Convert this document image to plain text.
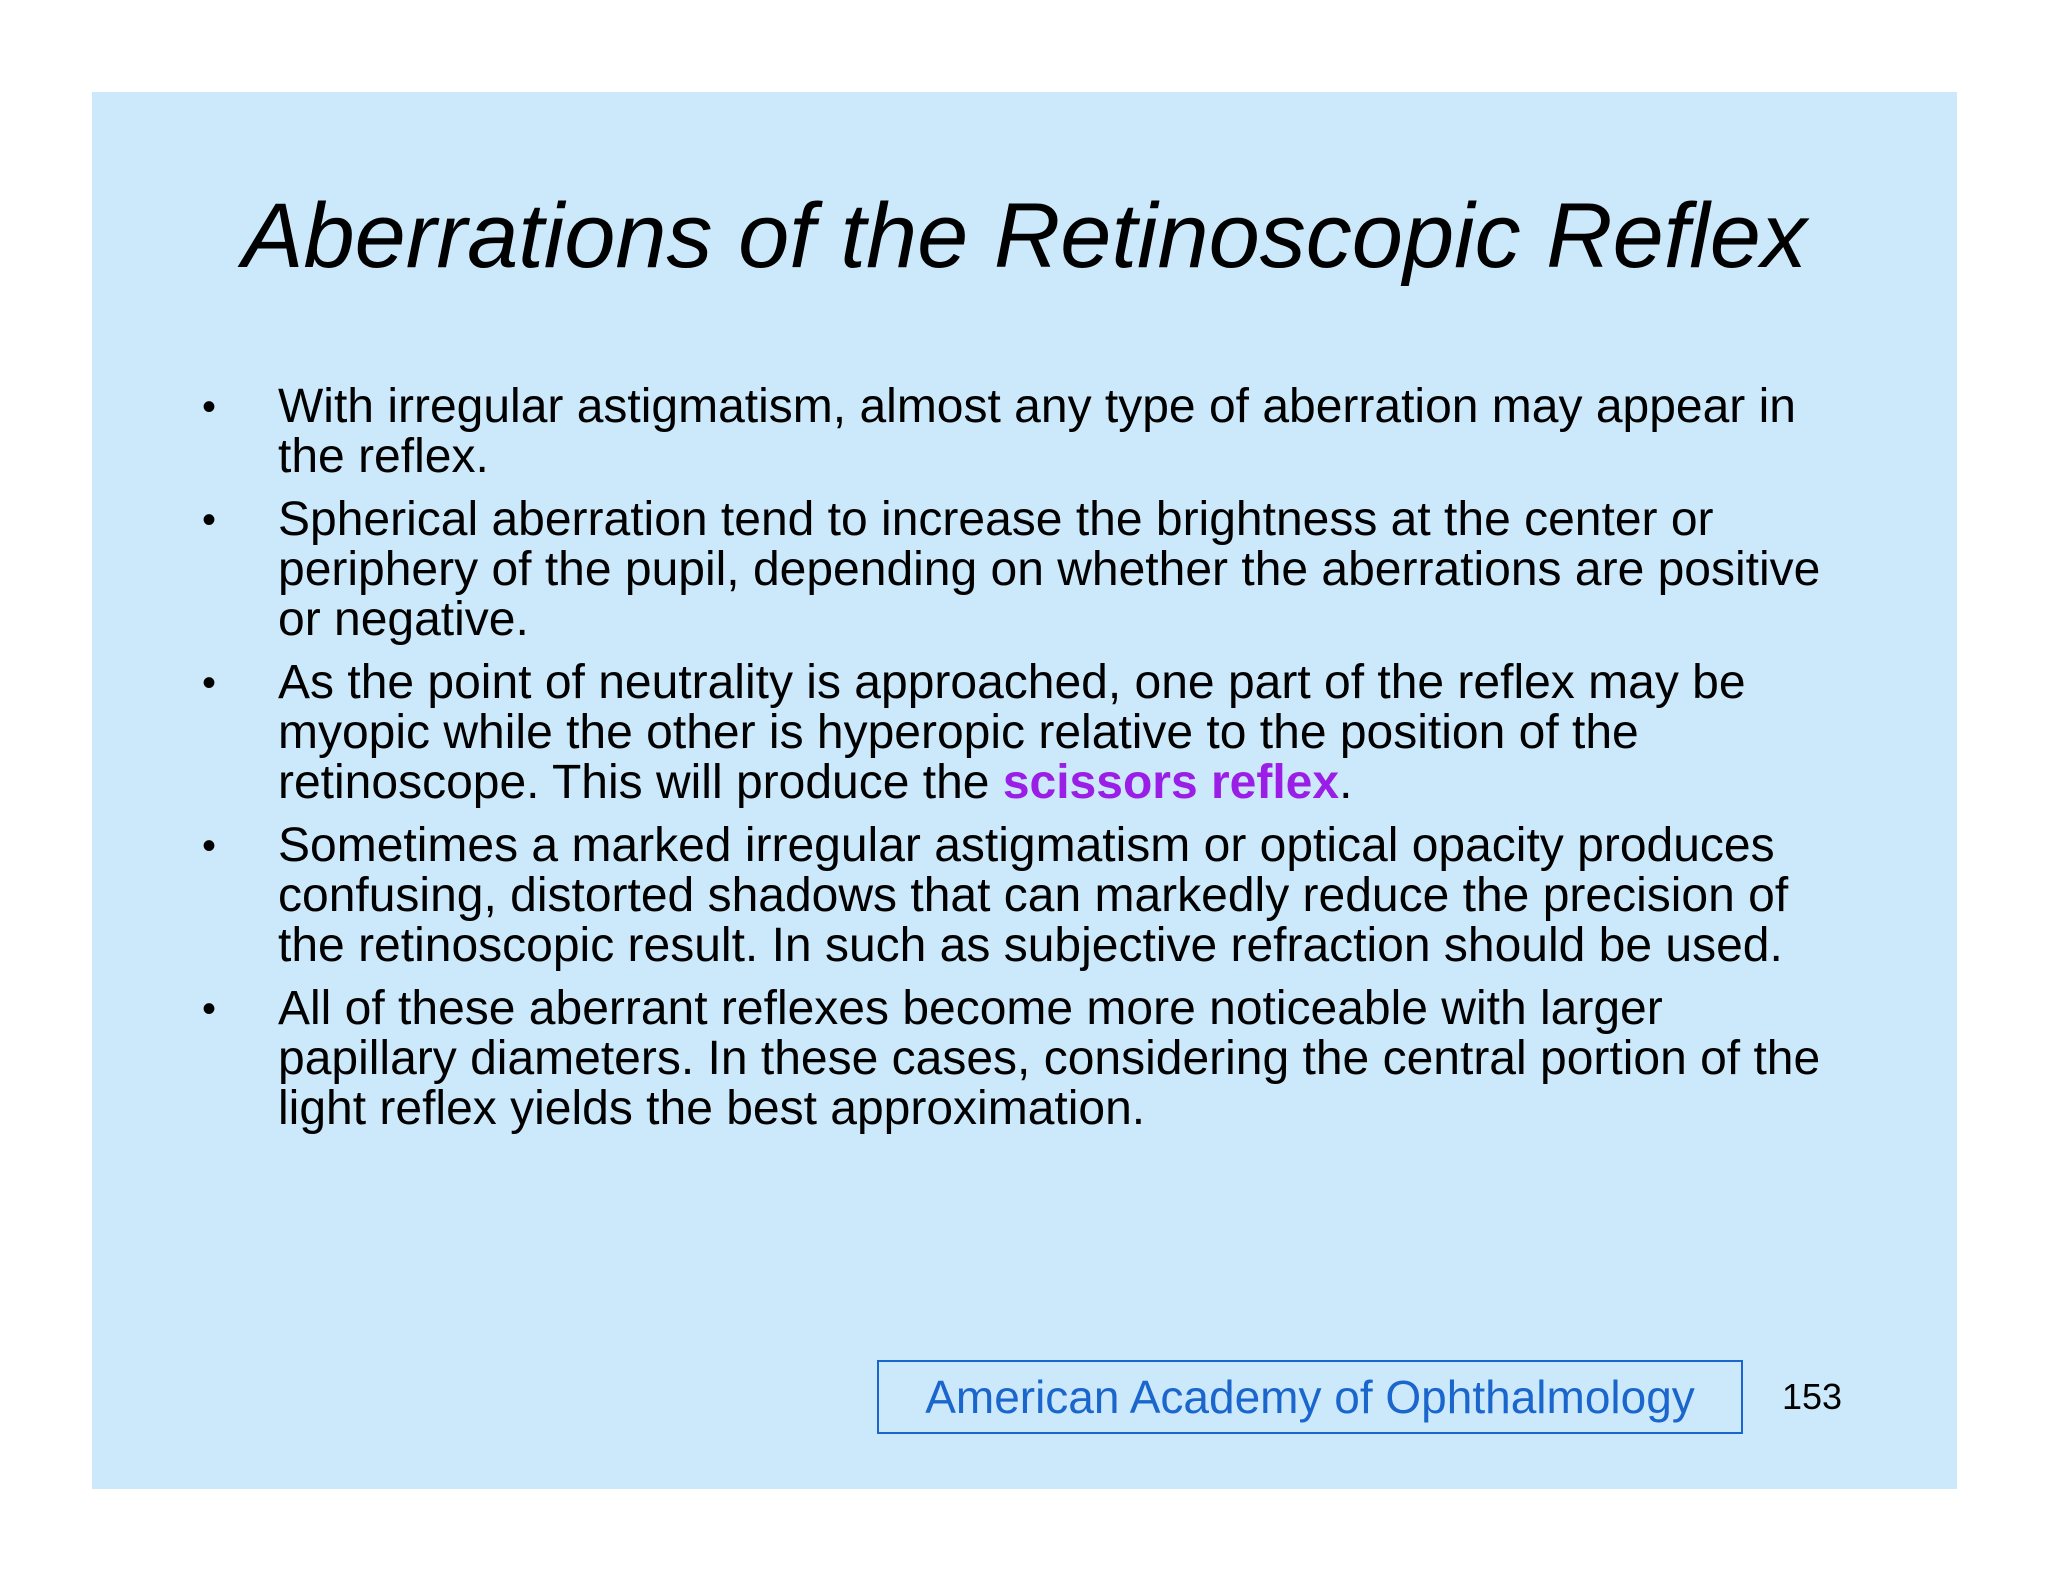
Aberrations of the Retinoscopic Reflex
• With irregular astigmatism, almost any type of aberration may appear in the reflex.
• Spherical aberration tend to increase the brightness at the center or periphery of the pupil, depending on whether the aberrations are positive or negative.
• As the point of neutrality is approached, one part of the reflex may be myopic while the other is hyperopic relative to the position of the retinoscope. This will produce the scissors reflex.
• Sometimes a marked irregular astigmatism or optical opacity produces confusing, distorted shadows that can markedly reduce the precision of the retinoscopic result. In such as subjective refraction should be used.
• All of these aberrant reflexes become more noticeable with larger papillary diameters. In these cases, considering the central portion of the light reflex yields the best approximation.
American Academy of Ophthalmology	153
